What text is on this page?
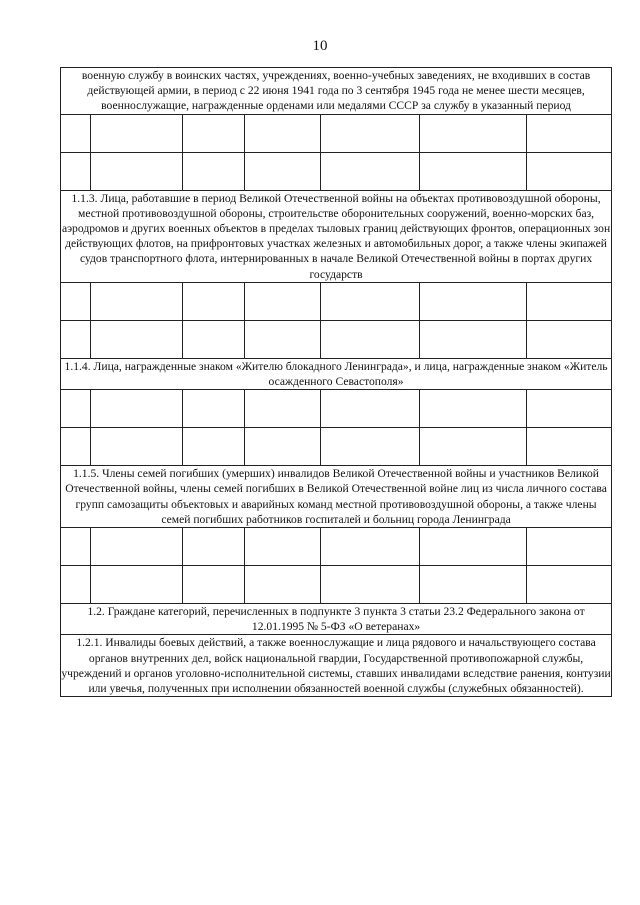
10
военную службу в воинских частях, учреждениях, военно-учебных заведениях, не входивших в состав действующей армии, в период с 22 июня 1941 года по 3 сентября 1945 года не менее шести месяцев, военнослужащие, награжденные орденами или медалями СССР за службу в указанный период						

1.1.3. Лица, работавшие в период Великой Отечественной войны на объектах противовоздушной обороны, местной противовоздушной обороны, строительстве оборонительных сооружений, военно-морских баз, аэродромов и других военных объектов в пределах тыловых границ действующих фронтов, операционных зон действующих флотов, на прифронтовых участках железных и автомобильных дорог, а также члены экипажей судов транспортного флота, интернированных в начале Великой Отечественной войны в портах других государств						

1.1.4. Лица, награжденные знаком «Жителю блокадного Ленинграда», и лица, награжденные знаком «Житель осажденного Севастополя»						

1.1.5. Члены семей погибших (умерших) инвалидов Великой Отечественной войны и участников Великой Отечественной войны, члены семей погибших в Великой Отечественной войне лиц из числа личного состава групп самозащиты объектовых и аварийных команд местной противовоздушной обороны, а также члены семей погибших работников госпиталей и больниц города Ленинграда						

1.2. Граждане категорий, перечисленных в подпункте 3 пункта 3 статьи 23.2 Федерального закона от 12.01.1995 № 5-ФЗ «О ветеранах»						
1.2.1. Инвалиды боевых действий, а также военнослужащие и лица рядового и начальствующего состава органов внутренних дел, войск национальной гвардии, Государственной противопожарной службы, учреждений и органов уголовно-исполнительной системы, ставших инвалидами вследствие ранения, контузии или увечья, полученных при исполнении обязанностей военной службы (служебных обязанностей).						
